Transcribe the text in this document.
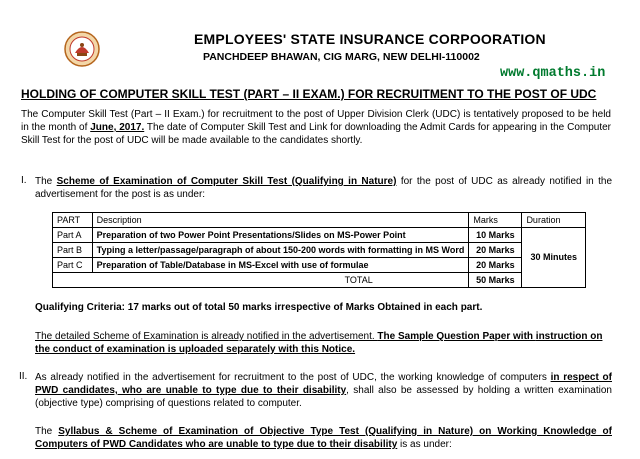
EMPLOYEES' STATE INSURANCE CORPOORATION
PANCHDEEP BHAWAN, CIG MARG, NEW DELHI-110002
www.qmaths.in
HOLDING OF COMPUTER SKILL TEST (PART – II EXAM.) FOR RECRUITMENT TO THE POST OF UDC
The Computer Skill Test (Part – II Exam.) for recruitment to the post of Upper Division Clerk (UDC) is tentatively proposed to be held in the month of June, 2017. The date of Computer Skill Test and Link for downloading the Admit Cards for appearing in the Computer Skill Test for the post of UDC will be made available to the candidates shortly.
I. The Scheme of Examination of Computer Skill Test (Qualifying in Nature) for the post of UDC as already notified in the advertisement for the post is as under:
PART	Description	Marks	Duration
Part A	Preparation of two Power Point Presentations/Slides on MS-Power Point	10 Marks	30 Minutes
Part B	Typing a letter/passage/paragraph of about 150-200 words with formatting in MS Word	20 Marks	
Part C	Preparation of Table/Database in MS-Excel with use of formulae	20 Marks	
TOTAL		50 Marks	
Qualifying Criteria: 17 marks out of total 50 marks irrespective of Marks Obtained in each part.
The detailed Scheme of Examination is already notified in the advertisement. The Sample Question Paper with instruction on the conduct of examination is uploaded separately with this Notice.
II. As already notified in the advertisement for recruitment to the post of UDC, the working knowledge of computers in respect of PWD candidates, who are unable to type due to their disability, shall also be assessed by holding a written examination (objective type) comprising of questions related to computer.
The Syllabus & Scheme of Examination of Objective Type Test (Qualifying in Nature) on Working Knowledge of Computers of PWD Candidates who are unable to type due to their disability is as under:
